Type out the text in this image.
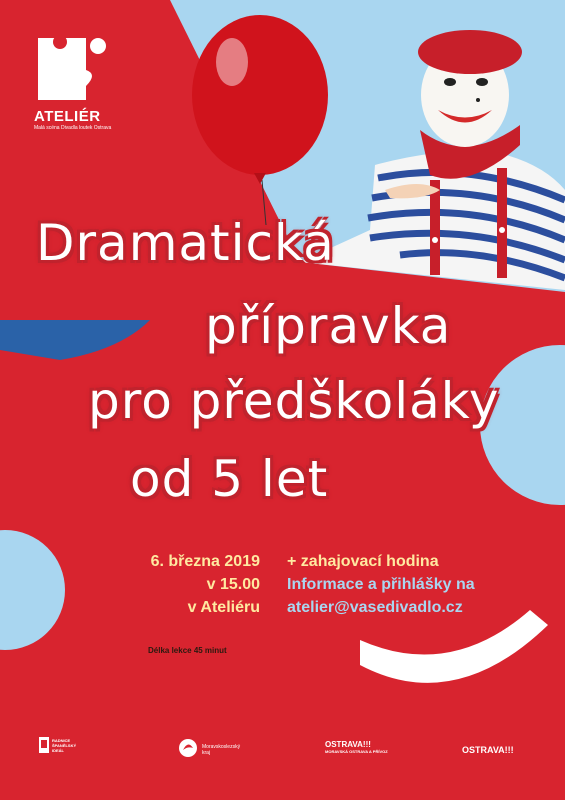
ATELIÉR
Malá scéna Divadla loutek Ostrava
Dramatická
přípravka
pro předškoláky
od 5 let
6. března 2019
v 15.00
v Ateliéru
Délka lekce 45 minut
+ zahajovací hodina
Informace a přihlášky na
atelier@vasedivadlo.cz
RADNICE ŠPANĚLSKÝ IDEÁL
Moravskoslezský kraj
OSTRAVA!!!
MORAVSKÁ OSTRAVA A PŘÍVOZ	OSTRAVA!!!
